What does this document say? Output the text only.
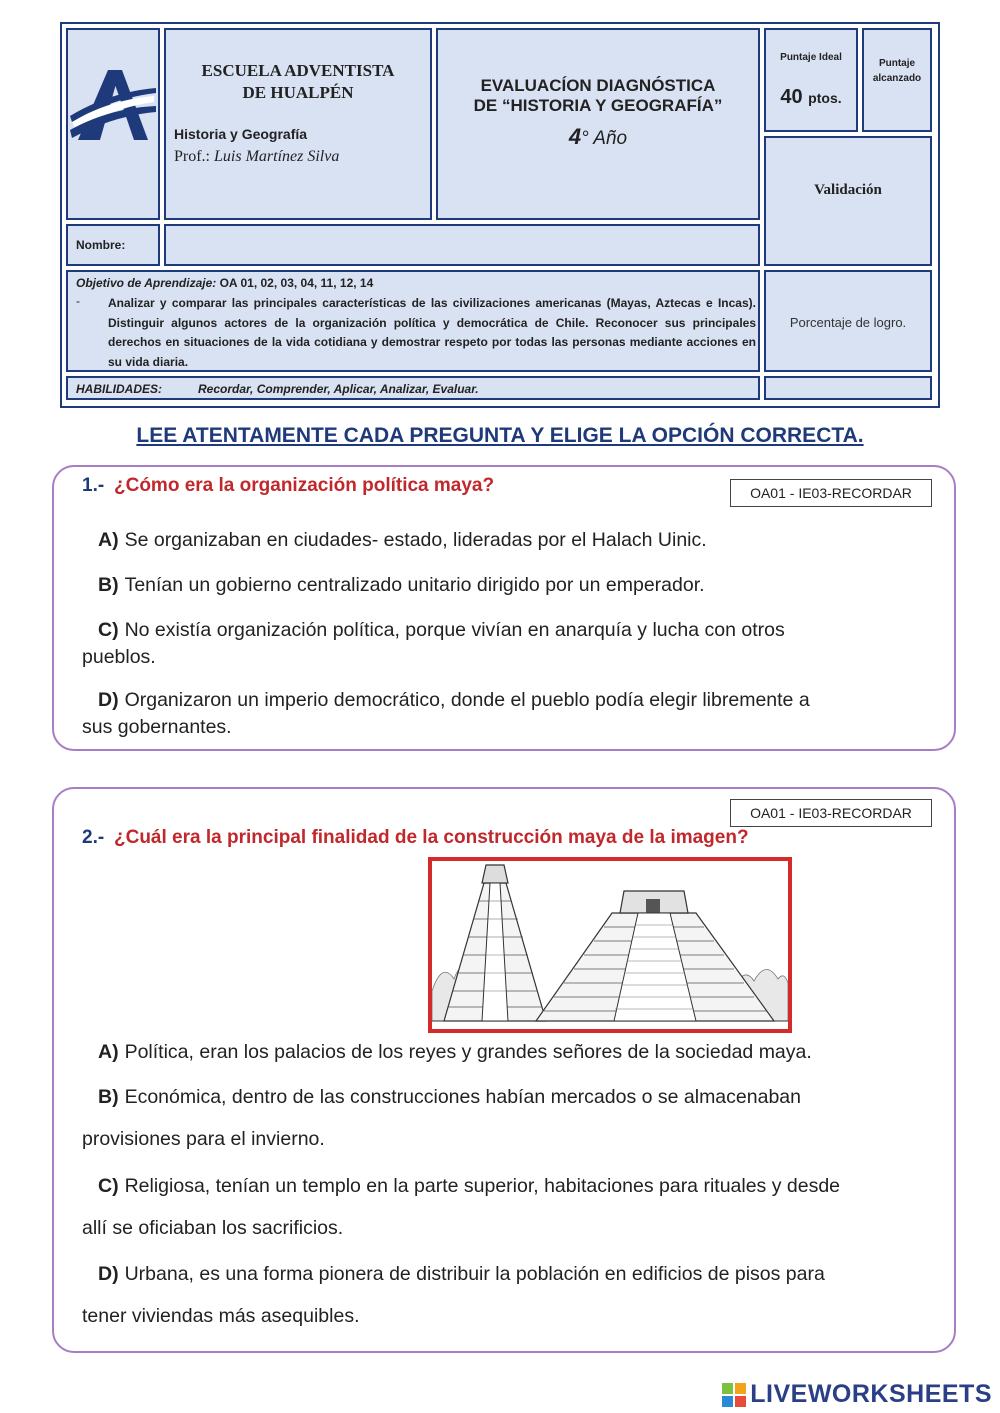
ESCUELA ADVENTISTA
DE HUALPÉN
Historia y Geografía
Prof.: Luis Martínez Silva
EVALUACÍON DIAGNÓSTICA
DE “HISTORIA Y GEOGRAFÍA”
4° Año
Puntaje Ideal
40 ptos.
Puntaje
alcanzado
Validación
Nombre:
Objetivo de Aprendizaje: OA 01, 02, 03, 04, 11, 12, 14
- Analizar y comparar las principales características de las civilizaciones americanas (Mayas, Aztecas e Incas). Distinguir algunos actores de la organización política y democrática de Chile. Reconocer sus principales derechos en situaciones de la vida cotidiana y demostrar respeto por todas las personas mediante acciones en su vida diaria.
Porcentaje de logro.
HABILIDADES:	Recordar, Comprender, Aplicar, Analizar, Evaluar.
LEE ATENTAMENTE CADA PREGUNTA Y ELIGE LA OPCIÓN CORRECTA.
1.- ¿Cómo era la organización política maya?	OA01 - IE03-RECORDAR
A) Se organizaban en ciudades- estado, lideradas por el Halach Uinic.
B) Tenían un gobierno centralizado unitario dirigido por un emperador.
C) No existía organización política, porque vivían en anarquía y lucha con otros
pueblos.
D) Organizaron un imperio democrático, donde el pueblo podía elegir libremente a
sus gobernantes.
OA01 - IE03-RECORDAR
2.- ¿Cuál era la principal finalidad de la construcción maya de la imagen?
A) Política, eran los palacios de los reyes y grandes señores de la sociedad maya.
B) Económica, dentro de las construcciones habían mercados o se almacenaban
provisiones para el invierno.
C) Religiosa, tenían un templo en la parte superior, habitaciones para rituales y desde
allí se oficiaban los sacrificios.
D) Urbana, es una forma pionera de distribuir la población en edificios de pisos para
tener viviendas más asequibles.
LIVEWORKSHEETS
